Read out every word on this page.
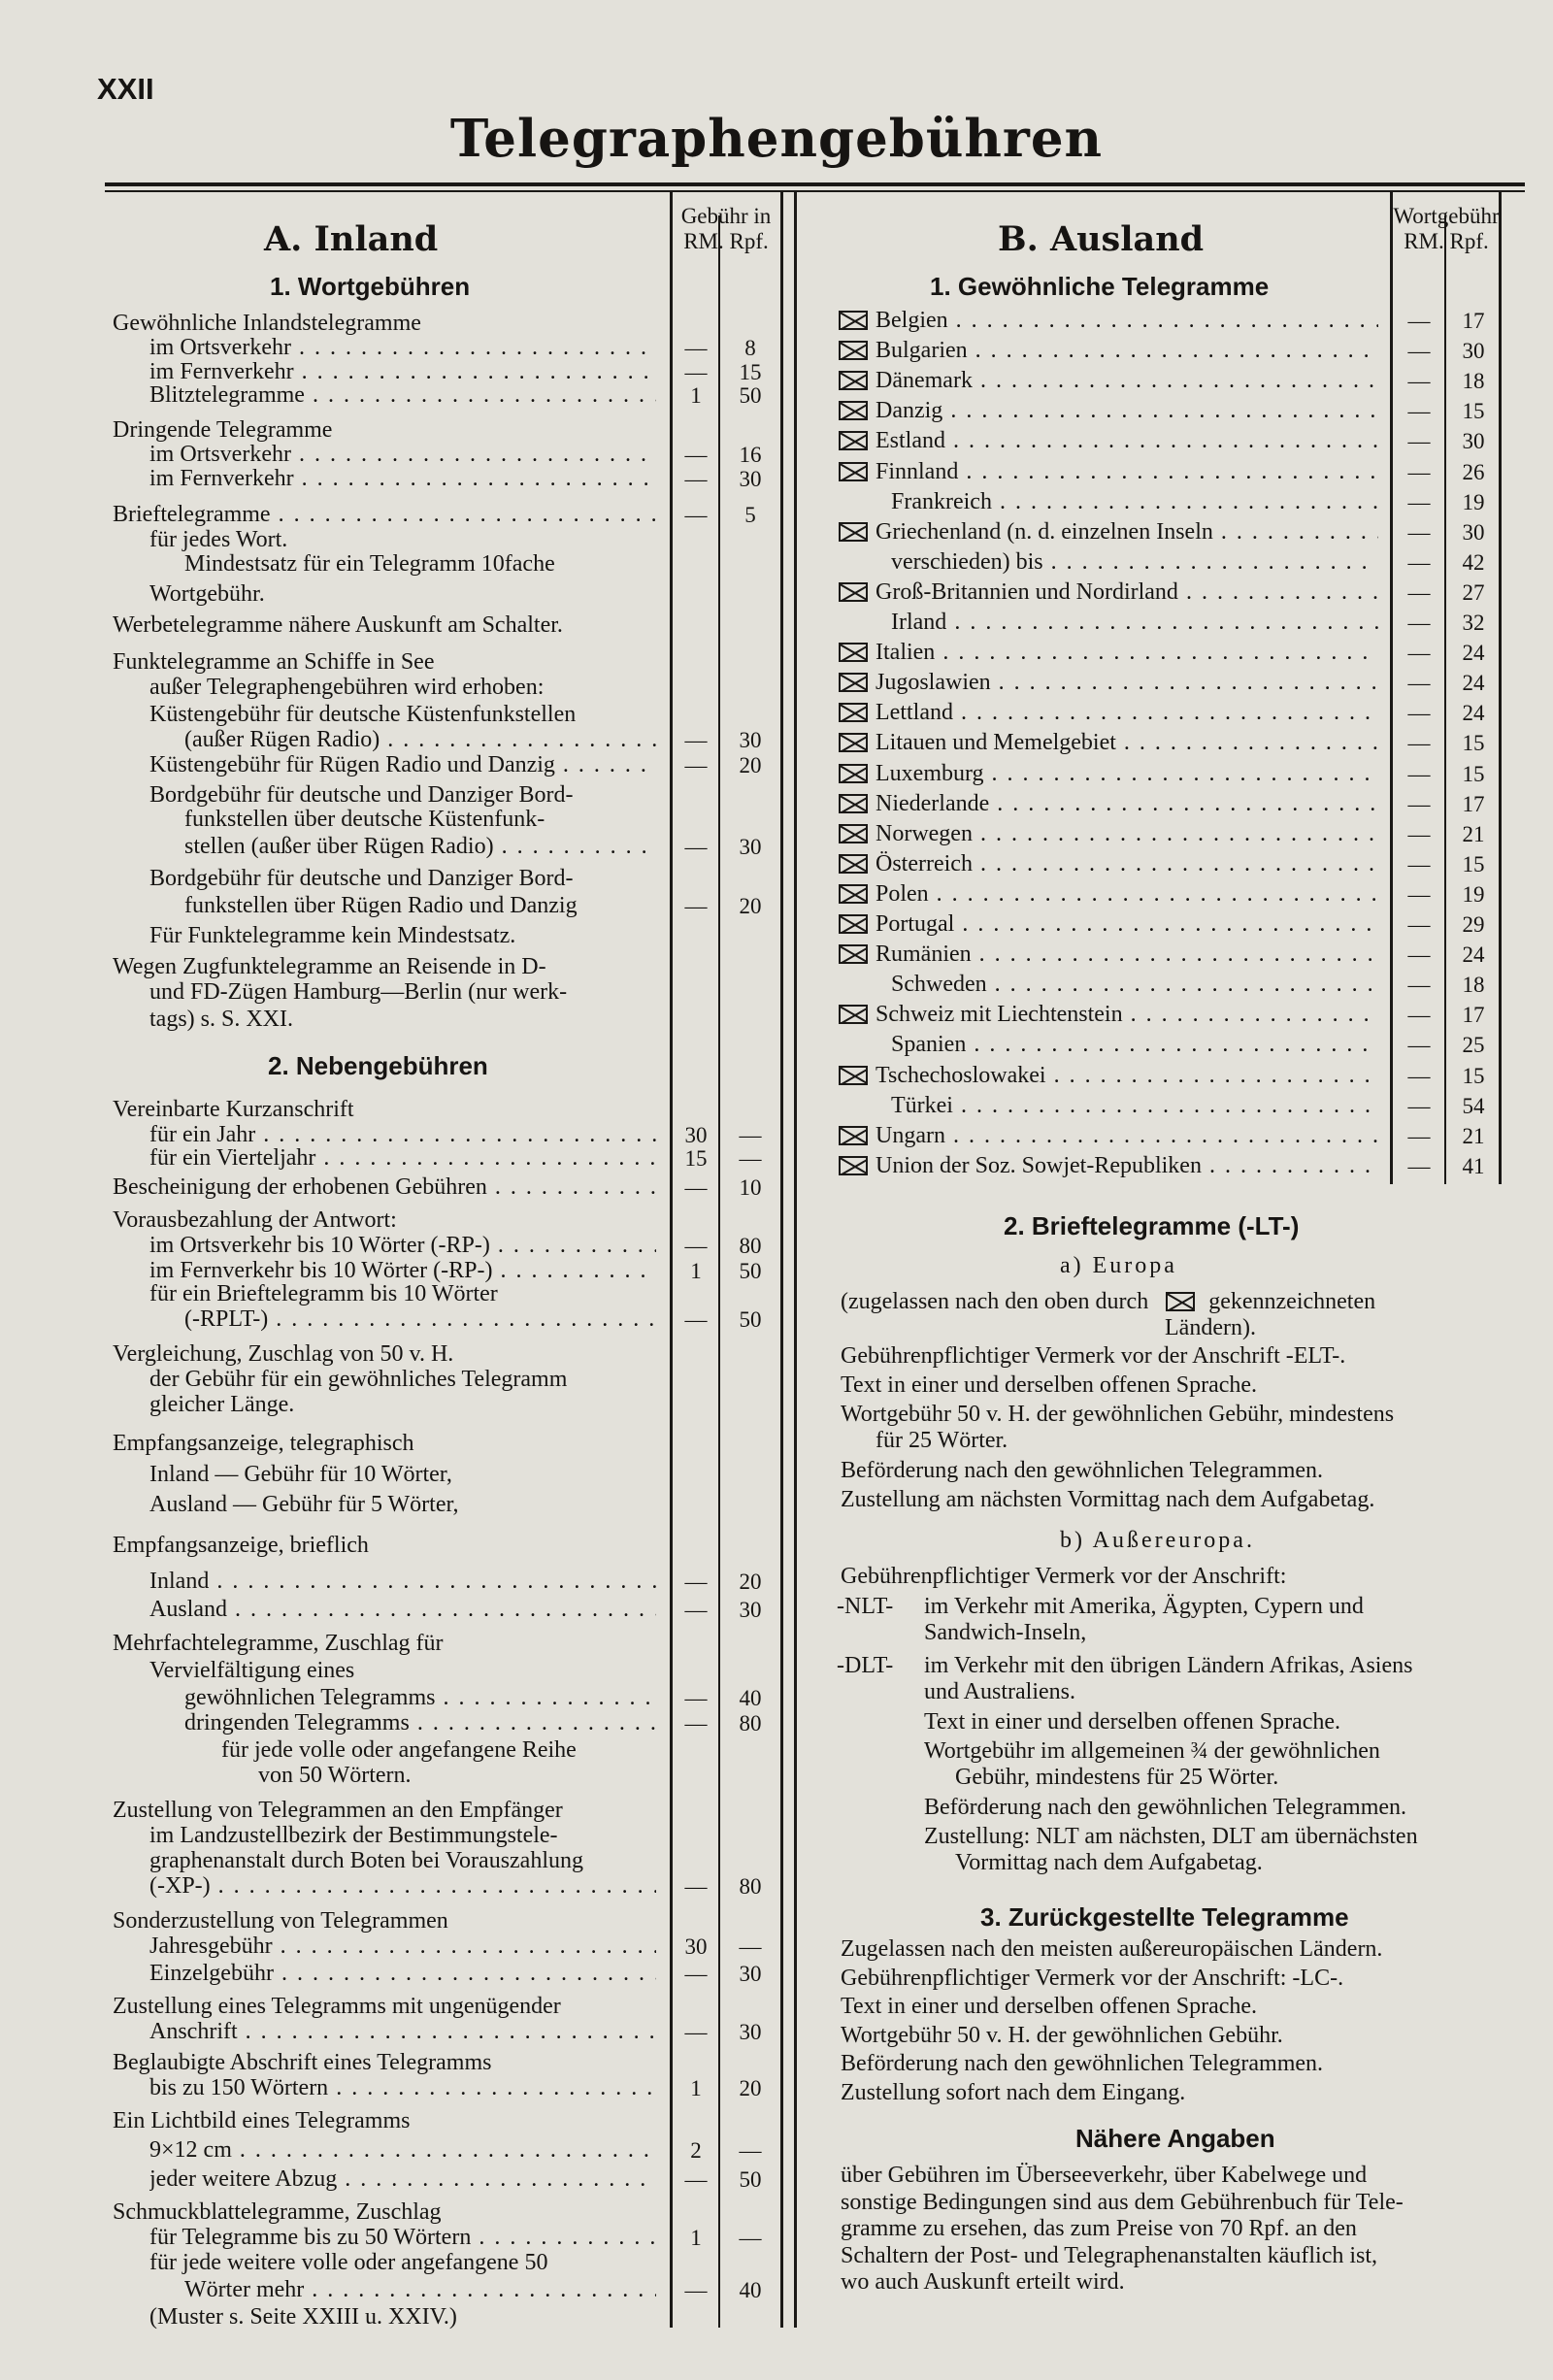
XXII
Telegraphengebühren
A. Inland
Gebühr in
RM. Rpf.
1. Wortgebühren
B. Ausland
Wortgebühr
RM. Rpf.
1. Gewöhnliche Telegramme
Gewöhnliche Inlandstelegramme
im Ortsverkehr . . .	—	8
im Fernverkehr . . .	—	15
Blitztelegramme . . .	1	50
Dringende Telegramme
im Ortsverkehr . . .	—	16
im Fernverkehr . . .	—	30
Brieftelegramme . . .	—	5
für jedes Wort.
Mindestsatz für ein Telegramm 10fache
Wortgebühr.
Werbetelegramme nähere Auskunft am Schalter.
Funktelegramme an Schiffe in See
außer Telegraphengebühren wird erhoben:
Küstengebühr für deutsche Küstenfunkstellen
(außer Rügen Radio) . . .	—	30
Küstengebühr für Rügen Radio und Danzig . . .	—	20
Bordgebühr für deutsche und Danziger Bord-
funkstellen über deutsche Küstenfunk-
stellen (außer über Rügen Radio) . . .	—	30
Bordgebühr für deutsche und Danziger Bord-
funkstellen über Rügen Radio und Danzig	—	20
Für Funktelegramme kein Mindestsatz.
Wegen Zugfunktelegramme an Reisende in D-
und FD-Zügen Hamburg—Berlin (nur werk-
tags) s. S. XXI.
2. Nebengebühren
Vereinbarte Kurzanschrift
für ein Jahr . . .	30	—
für ein Vierteljahr . . .	15	—
Bescheinigung der erhobenen Gebühren . . .	—	10
Vorausbezahlung der Antwort:
im Ortsverkehr bis 10 Wörter (-RP-) . . .	—	80
im Fernverkehr bis 10 Wörter (-RP-) . . .	1	50
für ein Brieftelegramm bis 10 Wörter
(-RPLT-) . . .	—	50
Vergleichung, Zuschlag von 50 v. H.
der Gebühr für ein gewöhnliches Telegramm
gleicher Länge.
Empfangsanzeige, telegraphisch
Inland — Gebühr für 10 Wörter,
Ausland — Gebühr für 5 Wörter,
Empfangsanzeige, brieflich
Inland . . .	—	20
Ausland . . .	—	30
Mehrfachtelegramme, Zuschlag für
Vervielfältigung eines
gewöhnlichen Telegramms . . .	—	40
dringenden Telegramms . . .	—	80
für jede volle oder angefangene Reihe
von 50 Wörtern.
Zustellung von Telegrammen an den Empfänger
im Landzustellbezirk der Bestimmungstele-
graphenanstalt durch Boten bei Vorauszahlung
(-XP-) . . .	—	80
Sonderzustellung von Telegrammen
Jahresgebühr . . .	30	—
Einzelgebühr . . .	—	30
Zustellung eines Telegramms mit ungenügender
Anschrift . . .	—	30
Beglaubigte Abschrift eines Telegramms
bis zu 150 Wörtern . . .	1	20
Ein Lichtbild eines Telegramms
9×12 cm . . .	2	—
jeder weitere Abzug . . .	—	50
Schmuckblattelegramme, Zuschlag
für Telegramme bis zu 50 Wörtern . . .	1	—
für jede weitere volle oder angefangene 50
Wörter mehr . . .	—	40
(Muster s. Seite XXIII u. XXIV.)
Belgien . . .	—	17
Bulgarien . . .	—	30
Dänemark . . .	—	18
Danzig . . .	—	15
Estland . . .	—	30
Finnland . . .	—	26
Frankreich . . .	—	19
Griechenland (n. d. einzelnen Inseln . . .	—	30
verschieden) bis . . .	—	42
Groß-Britannien und Nordirland . . .	—	27
Irland . . .	—	32
Italien . . .	—	24
Jugoslawien . . .	—	24
Lettland . . .	—	24
Litauen und Memelgebiet . . .	—	15
Luxemburg . . .	—	15
Niederlande . . .	—	17
Norwegen . . .	—	21
Österreich . . .	—	15
Polen . . .	—	19
Portugal . . .	—	29
Rumänien . . .	—	24
Schweden . . .	—	18
Schweiz mit Liechtenstein . . .	—	17
Spanien . . .	—	25
Tschechoslowakei . . .	—	15
Türkei . . .	—	54
Ungarn . . .	—	21
Union der Soz. Sowjet-Republiken . . .	—	41
2. Brieftelegramme (-LT-)
a) Europa
(zugelassen nach den oben durch	gekennzeichneten
Ländern).
Gebührenpflichtiger Vermerk vor der Anschrift -ELT-.
Text in einer und derselben offenen Sprache.
Wortgebühr 50 v. H. der gewöhnlichen Gebühr, mindestens
für 25 Wörter.
Beförderung nach den gewöhnlichen Telegrammen.
Zustellung am nächsten Vormittag nach dem Aufgabetag.
b) Außereuropa.
Gebührenpflichtiger Vermerk vor der Anschrift:
-NLT- im Verkehr mit Amerika, Ägypten, Cypern und
Sandwich-Inseln,
-DLT- im Verkehr mit den übrigen Ländern Afrikas, Asiens
und Australiens.
Text in einer und derselben offenen Sprache.
Wortgebühr im allgemeinen ¾ der gewöhnlichen
Gebühr, mindestens für 25 Wörter.
Beförderung nach den gewöhnlichen Telegrammen.
Zustellung: NLT am nächsten, DLT am übernächsten
Vormittag nach dem Aufgabetag.
3. Zurückgestellte Telegramme
Zugelassen nach den meisten außereuropäischen Ländern.
Gebührenpflichtiger Vermerk vor der Anschrift: -LC-.
Text in einer und derselben offenen Sprache.
Wortgebühr 50 v. H. der gewöhnlichen Gebühr.
Beförderung nach den gewöhnlichen Telegrammen.
Zustellung sofort nach dem Eingang.
Nähere Angaben
über Gebühren im Überseeverkehr, über Kabelwege und
sonstige Bedingungen sind aus dem Gebührenbuch für Tele-
gramme zu ersehen, das zum Preise von 70 Rpf. an den
Schaltern der Post- und Telegraphenanstalten käuflich ist,
wo auch Auskunft erteilt wird.
